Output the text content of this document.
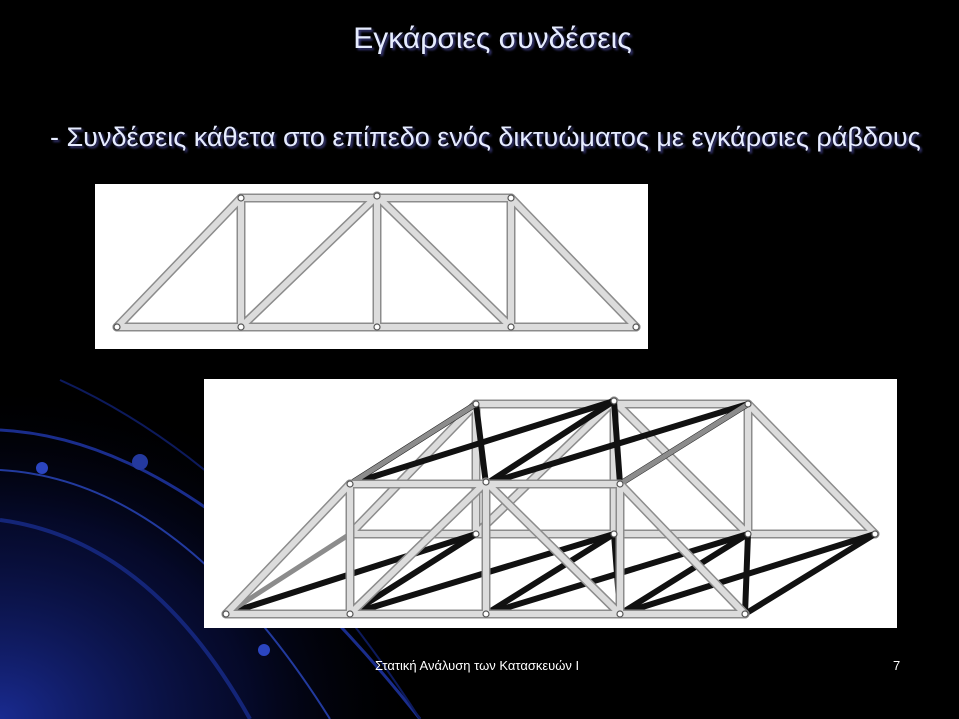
Εγκάρσιες συνδέσεις

- Συνδέσεις κάθετα στο επίπεδο ενός δικτυώματος με εγκάρσιες ράβδους

Στατική Ανάλυση των Κατασκευών Ι	7
